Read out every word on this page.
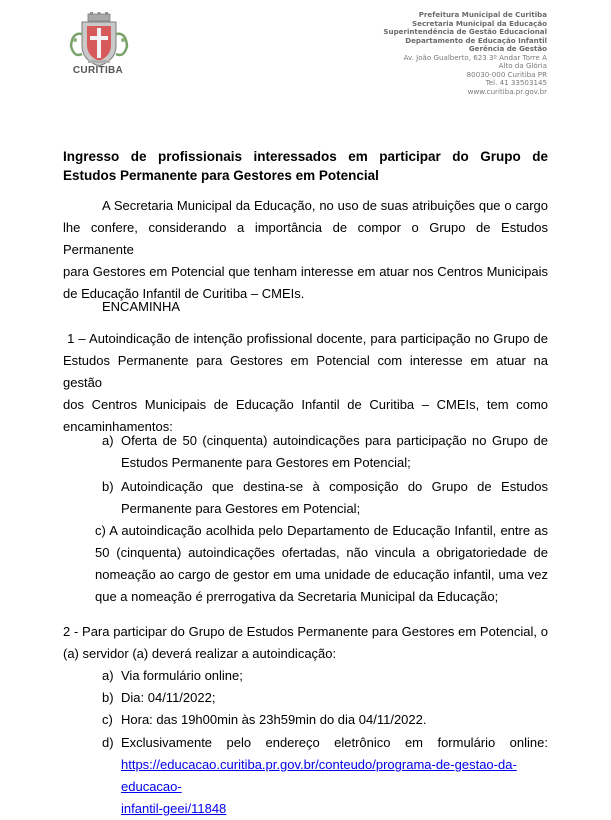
CURITIBA
Prefeitura Municipal de Curitiba
Secretaria Municipal da Educação
Superintendência de Gestão Educacional
Departamento de Educação Infantil
Gerência de Gestão
Av. João Gualberto, 623 3º Andar Torre A
Alto da Glória
80030-000 Curitiba PR
Tel. 41 33503145
www.curitiba.pr.gov.br
Ingresso de profissionais interessados em participar do Grupo de
Estudos Permanente para Gestores em Potencial
A Secretaria Municipal da Educação, no uso de suas atribuições que o cargo
lhe confere, considerando a importância de compor o Grupo de Estudos Permanente
para Gestores em Potencial que tenham interesse em atuar nos Centros Municipais
de Educação Infantil de Curitiba – CMEIs.
ENCAMINHA
1 – Autoindicação de intenção profissional docente, para participação no Grupo de
Estudos Permanente para Gestores em Potencial com interesse em atuar na gestão
dos Centros Municipais de Educação Infantil de Curitiba – CMEIs, tem como
encaminhamentos:
a) Oferta de 50 (cinquenta) autoindicações para participação no Grupo de
Estudos Permanente para Gestores em Potencial;
b) Autoindicação que destina-se à composição do Grupo de Estudos
Permanente para Gestores em Potencial;
c) A autoindicação acolhida pelo Departamento de Educação Infantil, entre as
50 (cinquenta) autoindicações ofertadas, não vincula a obrigatoriedade de
nomeação ao cargo de gestor em uma unidade de educação infantil, uma vez
que a nomeação é prerrogativa da Secretaria Municipal da Educação;
2 - Para participar do Grupo de Estudos Permanente para Gestores em Potencial, o
(a) servidor (a) deverá realizar a autoindicação:
a) Via formulário online;
b) Dia: 04/11/2022;
c) Hora: das 19h00min às 23h59min do dia 04/11/2022.
d) Exclusivamente pelo endereço eletrônico em formulário online:
https://educacao.curitiba.pr.gov.br/conteudo/programa-de-gestao-da-educacao-
infantil-geei/11848
